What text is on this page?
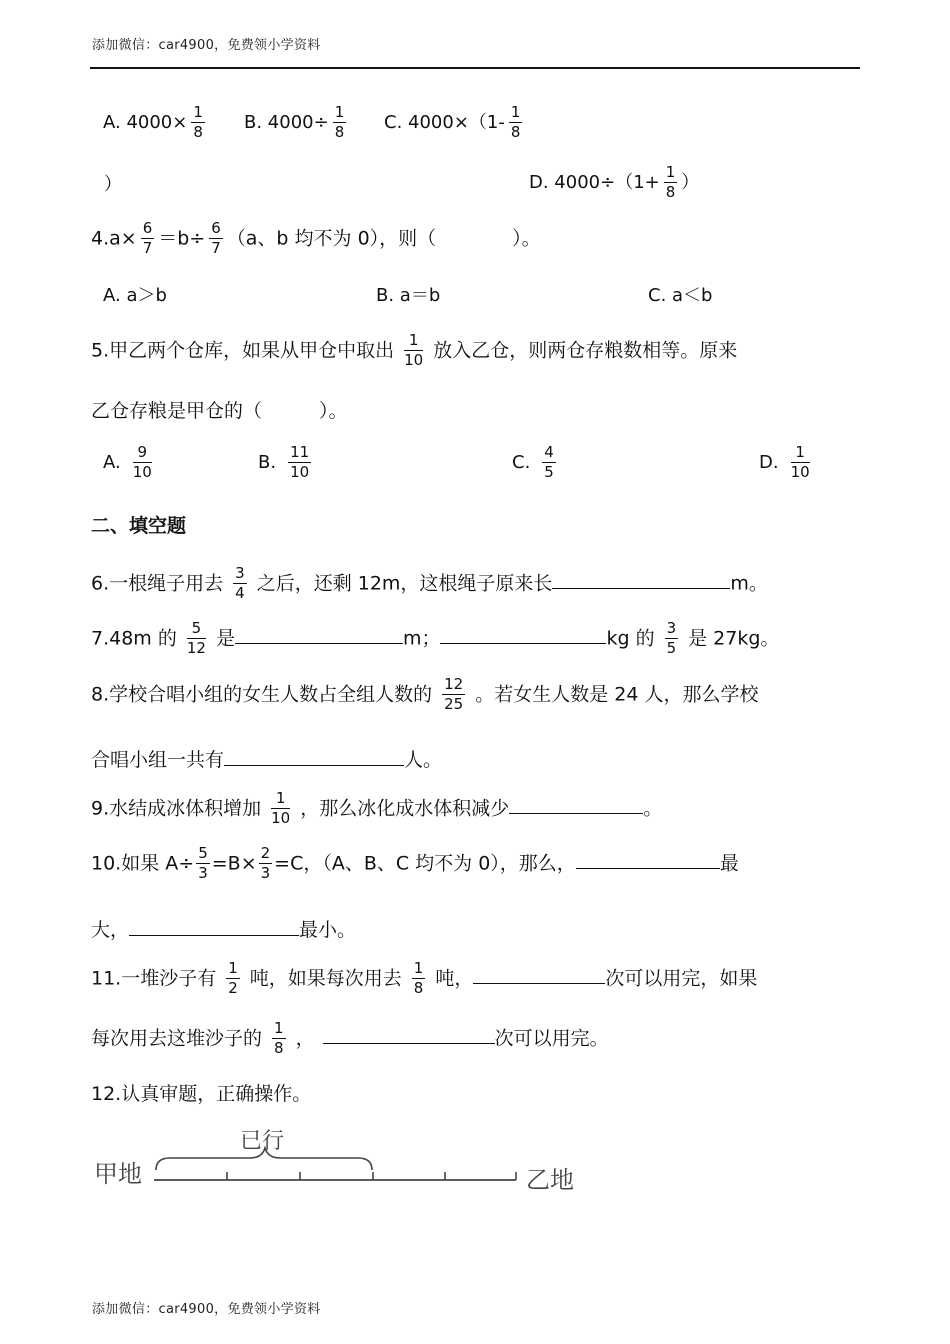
添加微信：car4900，免费领小学资料
A. $4000\times \frac{1}{8} B$. $4000\div \frac{1}{8} C$. $4000\times(1- \frac{1}{8}$
）	D. $4000\div(1+ \frac{1}{8}$ ）
$4.a\times \frac{6}{7} =b\div \frac{6}{7} (a$、b 均不为 0），则（　　　　）。
A. a＞b	B. a＝b	C. a＜b
5.甲乙两个仓库，如果从甲仓中取出 $\frac{1}{10}$ 放入乙仓，则两仓存粮数相等。原来
乙仓存粮是甲仓的（　　　）。
A. $\frac{9}{10}$	B. $\frac{11}{10}$	C. $\frac{4}{5}$	D. $\frac{1}{10}$
二、填空题
6.一根绳子用去 $\frac{3}{4}$ 之后，还剩 12m，这根绳子原来长	m。
7.48m 的 $\frac{5}{12}$ 是	m；	kg 的 $\frac{3}{5}$ 是 27kg。
8.学校合唱小组的女生人数占全组人数的 $\frac{12}{25}$ 。若女生人数是 24 人，那么学校
合唱小组一共有	人。
9.水结成冰体积增加 $\frac{1}{10}$ ，那么冰化成水体积减少	。
10.如果 $A\div \frac{5}{3} =B\times \frac{2}{3} =C$，（A、B、C 均不为 0），那么，	最
大，	最小。
11.一堆沙子有 $\frac{1}{2}$ 吨，如果每次用去 $\frac{1}{8}$ 吨，	次可以用完，如果
每次用去这堆沙子的 $\frac{1}{8}$ ，	次可以用完。
12.认真审题，正确操作。
甲地
已行
乙地
添加微信：car4900，免费领小学资料
